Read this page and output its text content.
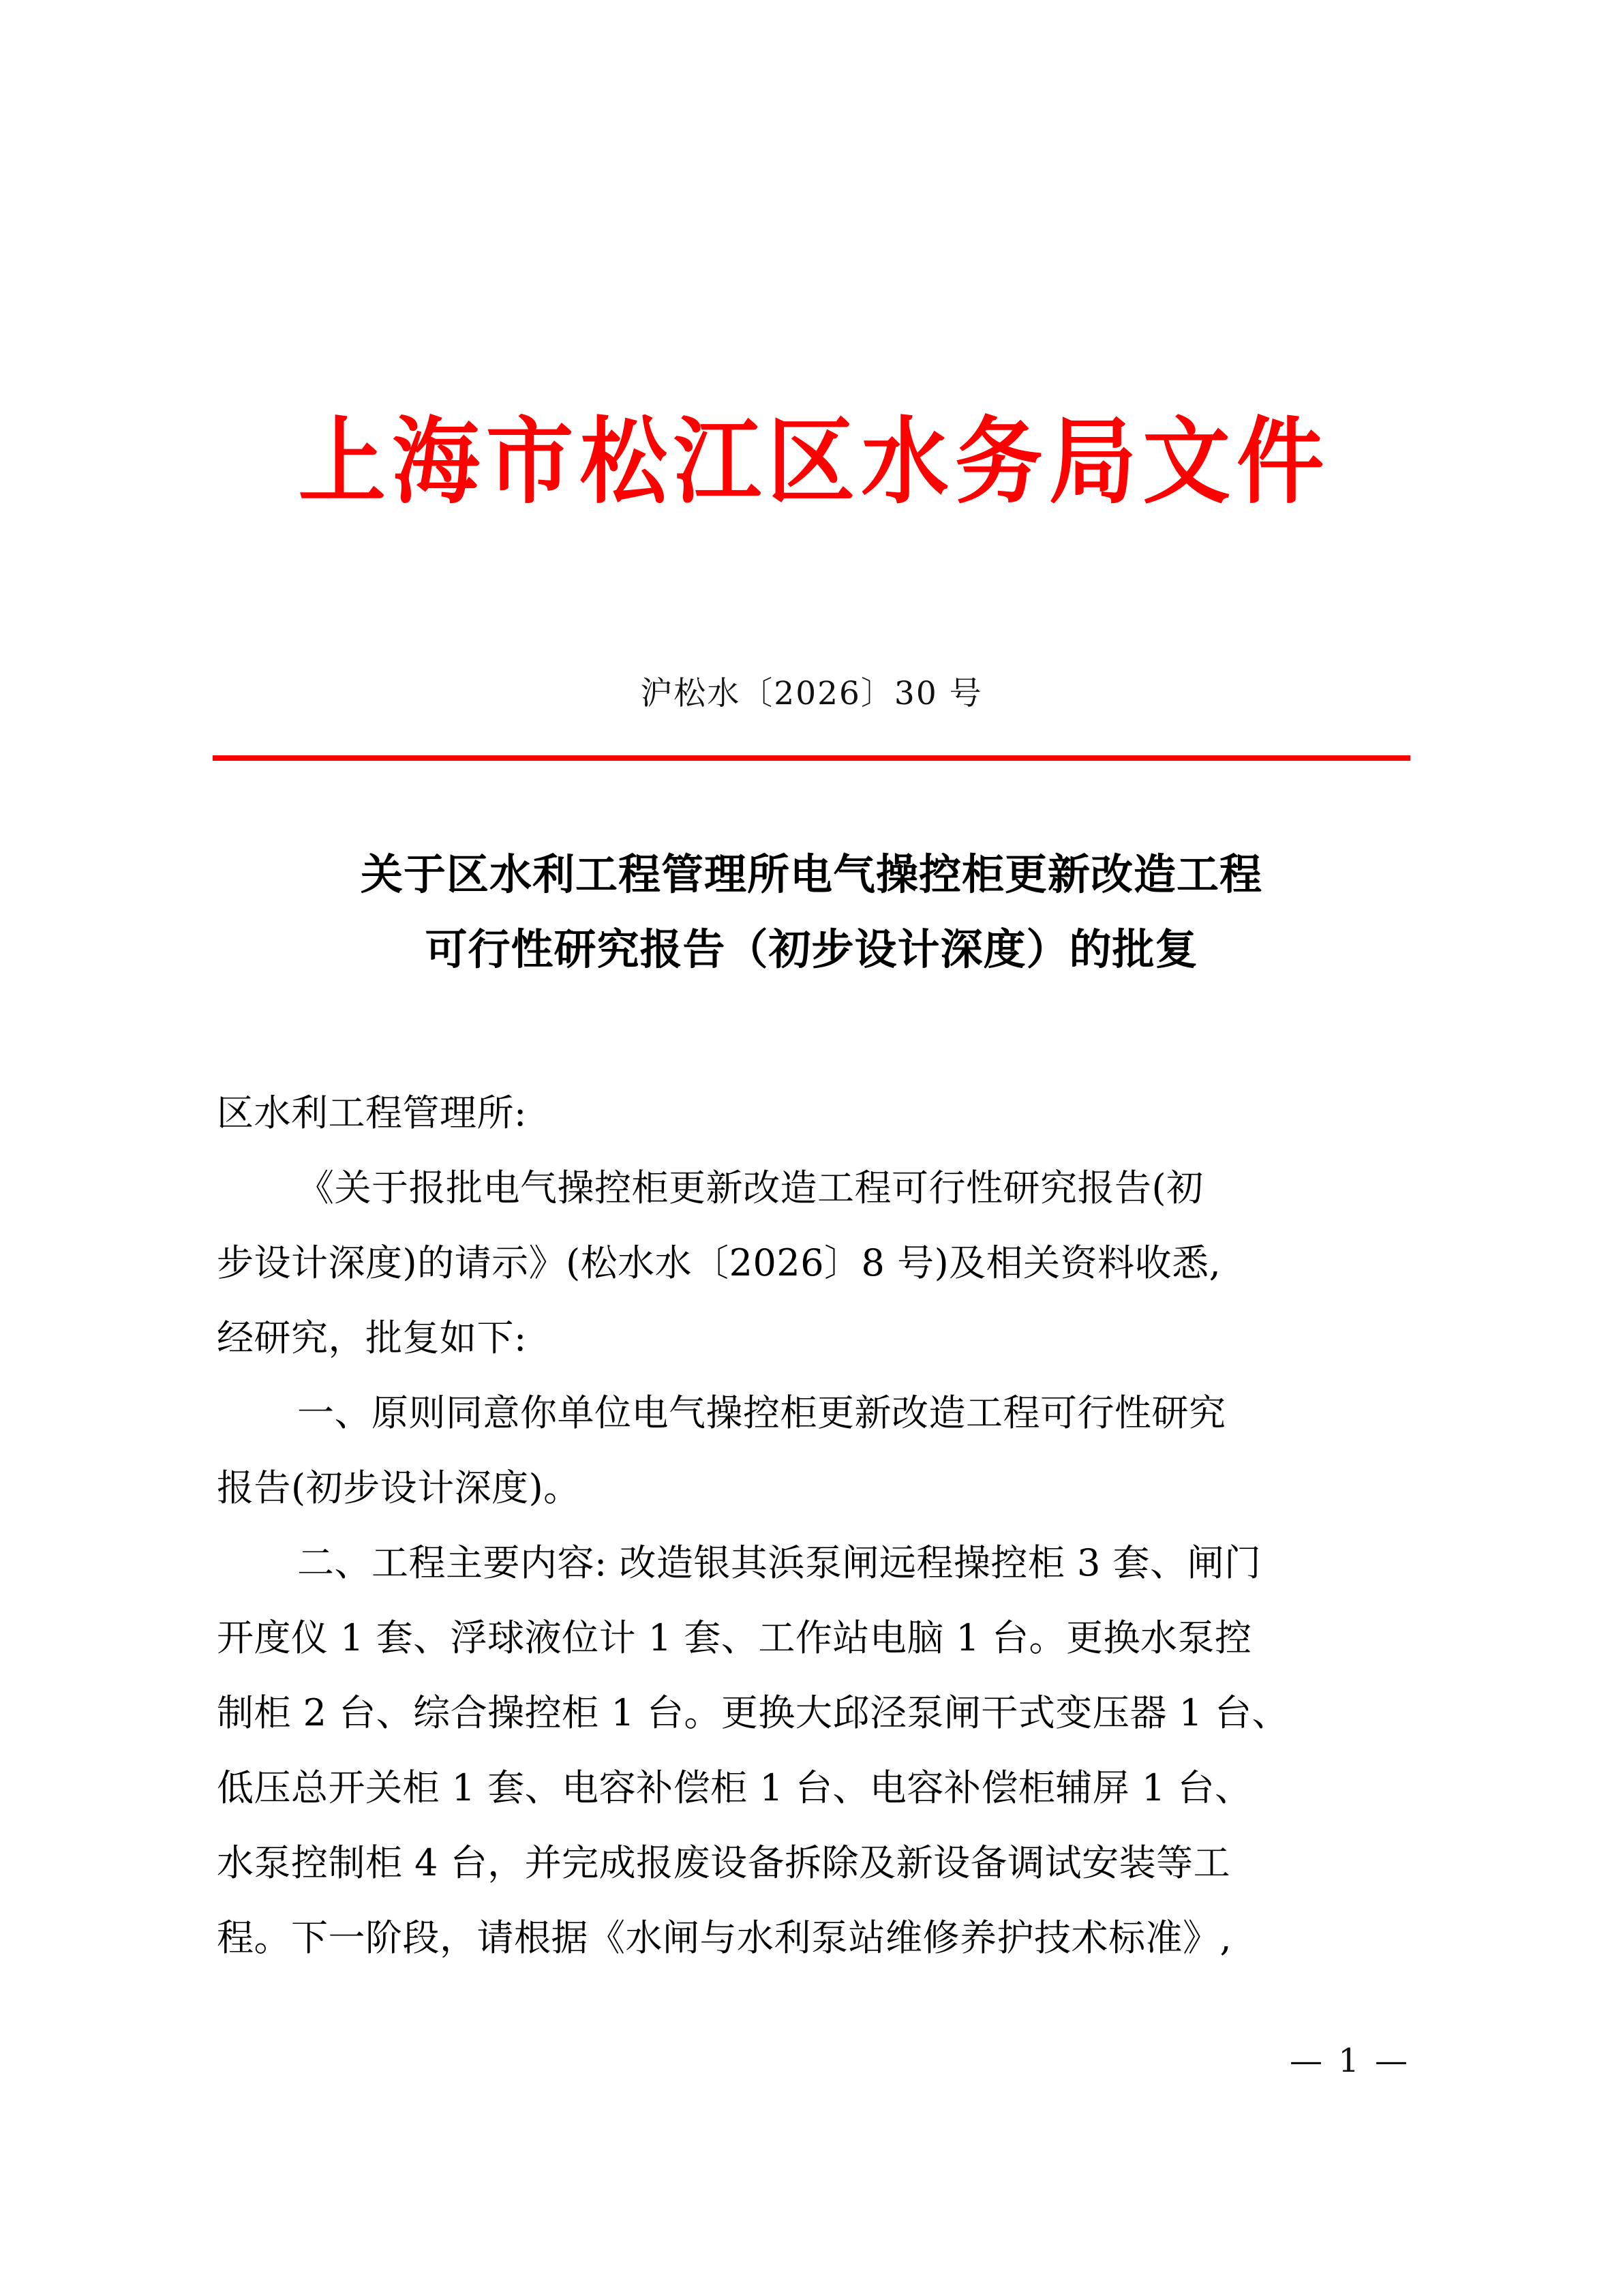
上海市松江区水务局文件
沪松水〔2026〕30 号
关于区水利工程管理所电气操控柜更新改造工程
可行性研究报告（初步设计深度）的批复
区水利工程管理所:
《关于报批电气操控柜更新改造工程可行性研究报告(初
步设计深度)的请示》(松水水〔2026〕8 号)及相关资料收悉,
经研究，批复如下:
一、原则同意你单位电气操控柜更新改造工程可行性研究
报告(初步设计深度)。
二、工程主要内容: 改造银其浜泵闸远程操控柜 3 套、闸门
开度仪 1 套、浮球液位计 1 套、工作站电脑 1 台。更换水泵控
制柜 2 台、综合操控柜 1 台。更换大邱泾泵闸干式变压器 1 台、
低压总开关柜 1 套、电容补偿柜 1 台、电容补偿柜辅屏 1 台、
水泵控制柜 4 台，并完成报废设备拆除及新设备调试安装等工
程。下一阶段，请根据《水闸与水利泵站维修养护技术标准》,
— 1 —
